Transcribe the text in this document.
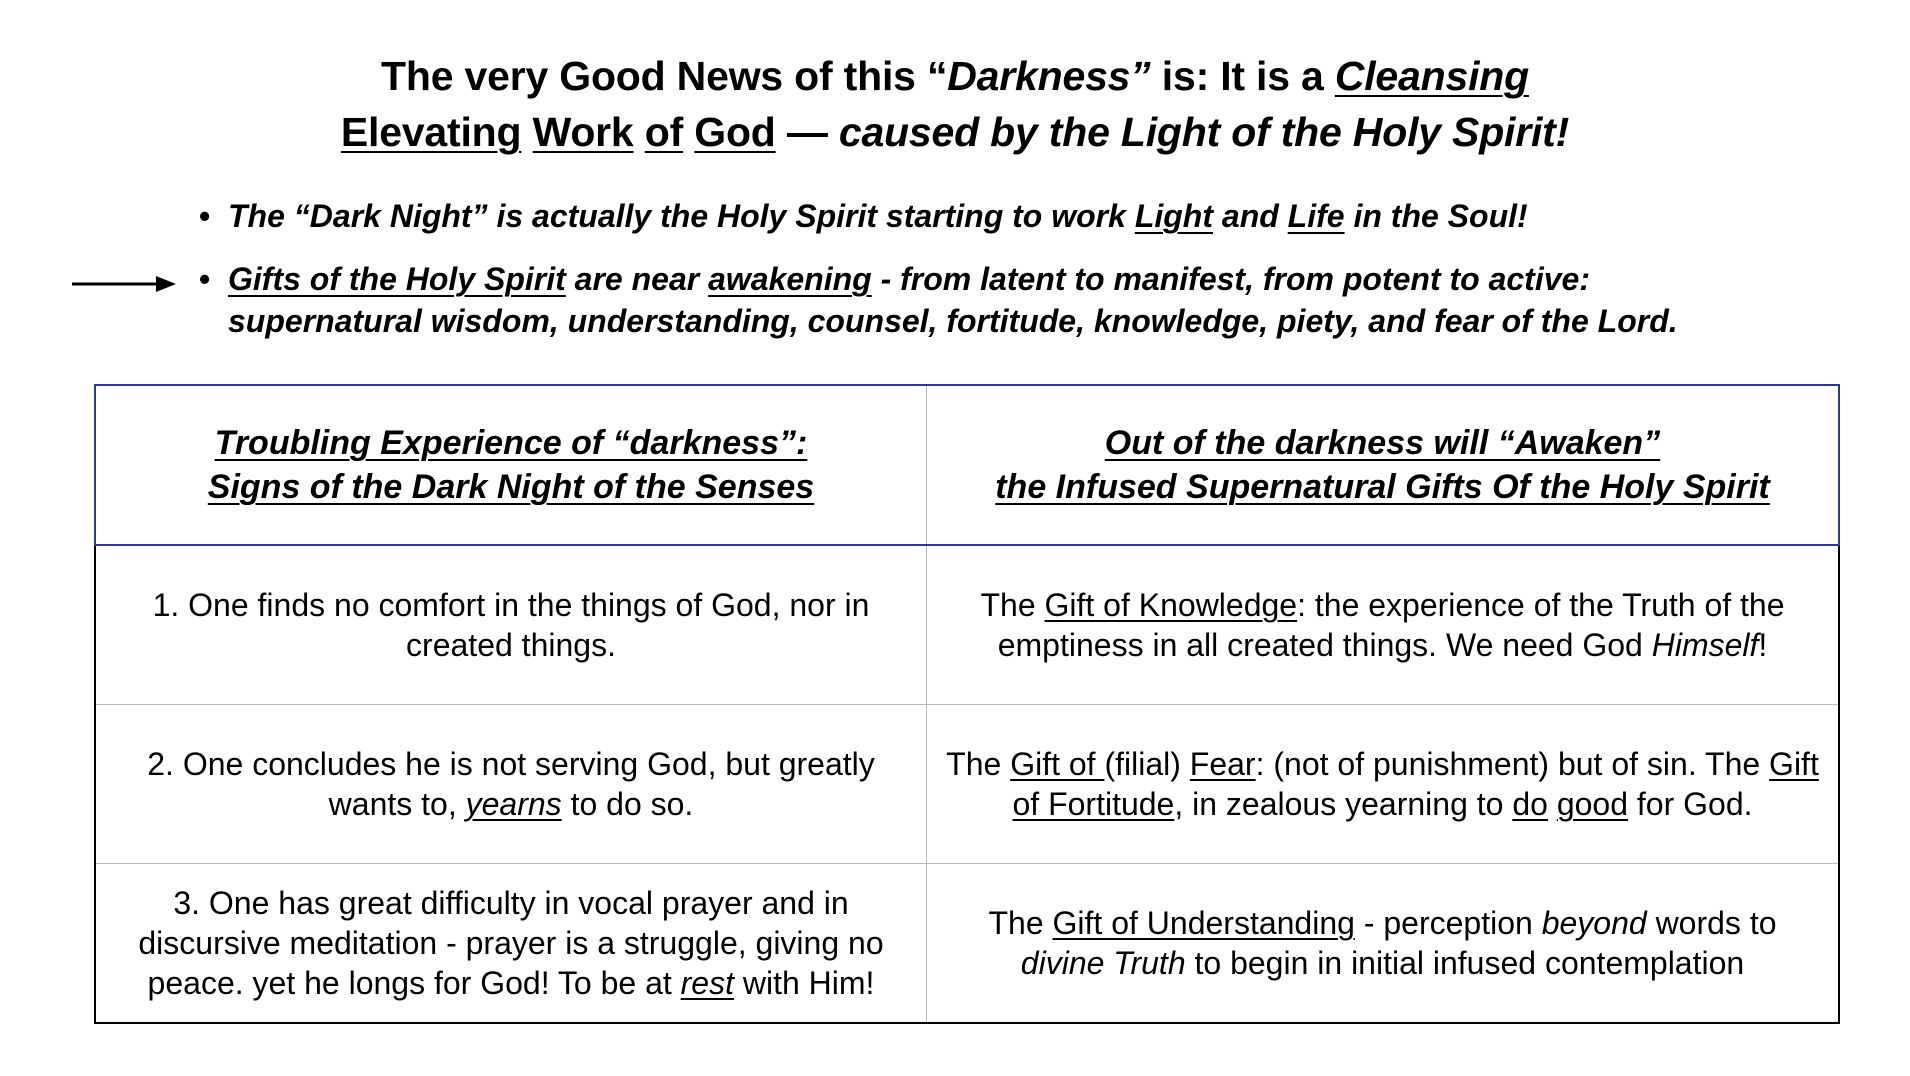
The very Good News of this “Darkness” is: It is a Cleansing
Elevating Work of God — caused by the Light of the Holy Spirit!
• The “Dark Night” is actually the Holy Spirit starting to work Light and Life in the Soul!
• Gifts of the Holy Spirit are near awakening - from latent to manifest, from potent to active:
supernatural wisdom, understanding, counsel, fortitude, knowledge, piety, and fear of the Lord.
Troubling Experience of “darkness”:
Signs of the Dark Night of the Senses
Out of the darkness will “Awaken”
the Infused Supernatural Gifts Of the Holy Spirit
1. One finds no comfort in the things of God, nor in created things.
The Gift of Knowledge: the experience of the Truth of the emptiness in all created things. We need God Himself!
2. One concludes he is not serving God, but greatly wants to, yearns to do so.
The Gift of (filial) Fear: (not of punishment) but of sin. The Gift of Fortitude, in zealous yearning to do good for God.
3. One has great difficulty in vocal prayer and in discursive meditation - prayer is a struggle, giving no peace. yet he longs for God! To be at rest with Him!
The Gift of Understanding - perception beyond words to divine Truth to begin in initial infused contemplation
